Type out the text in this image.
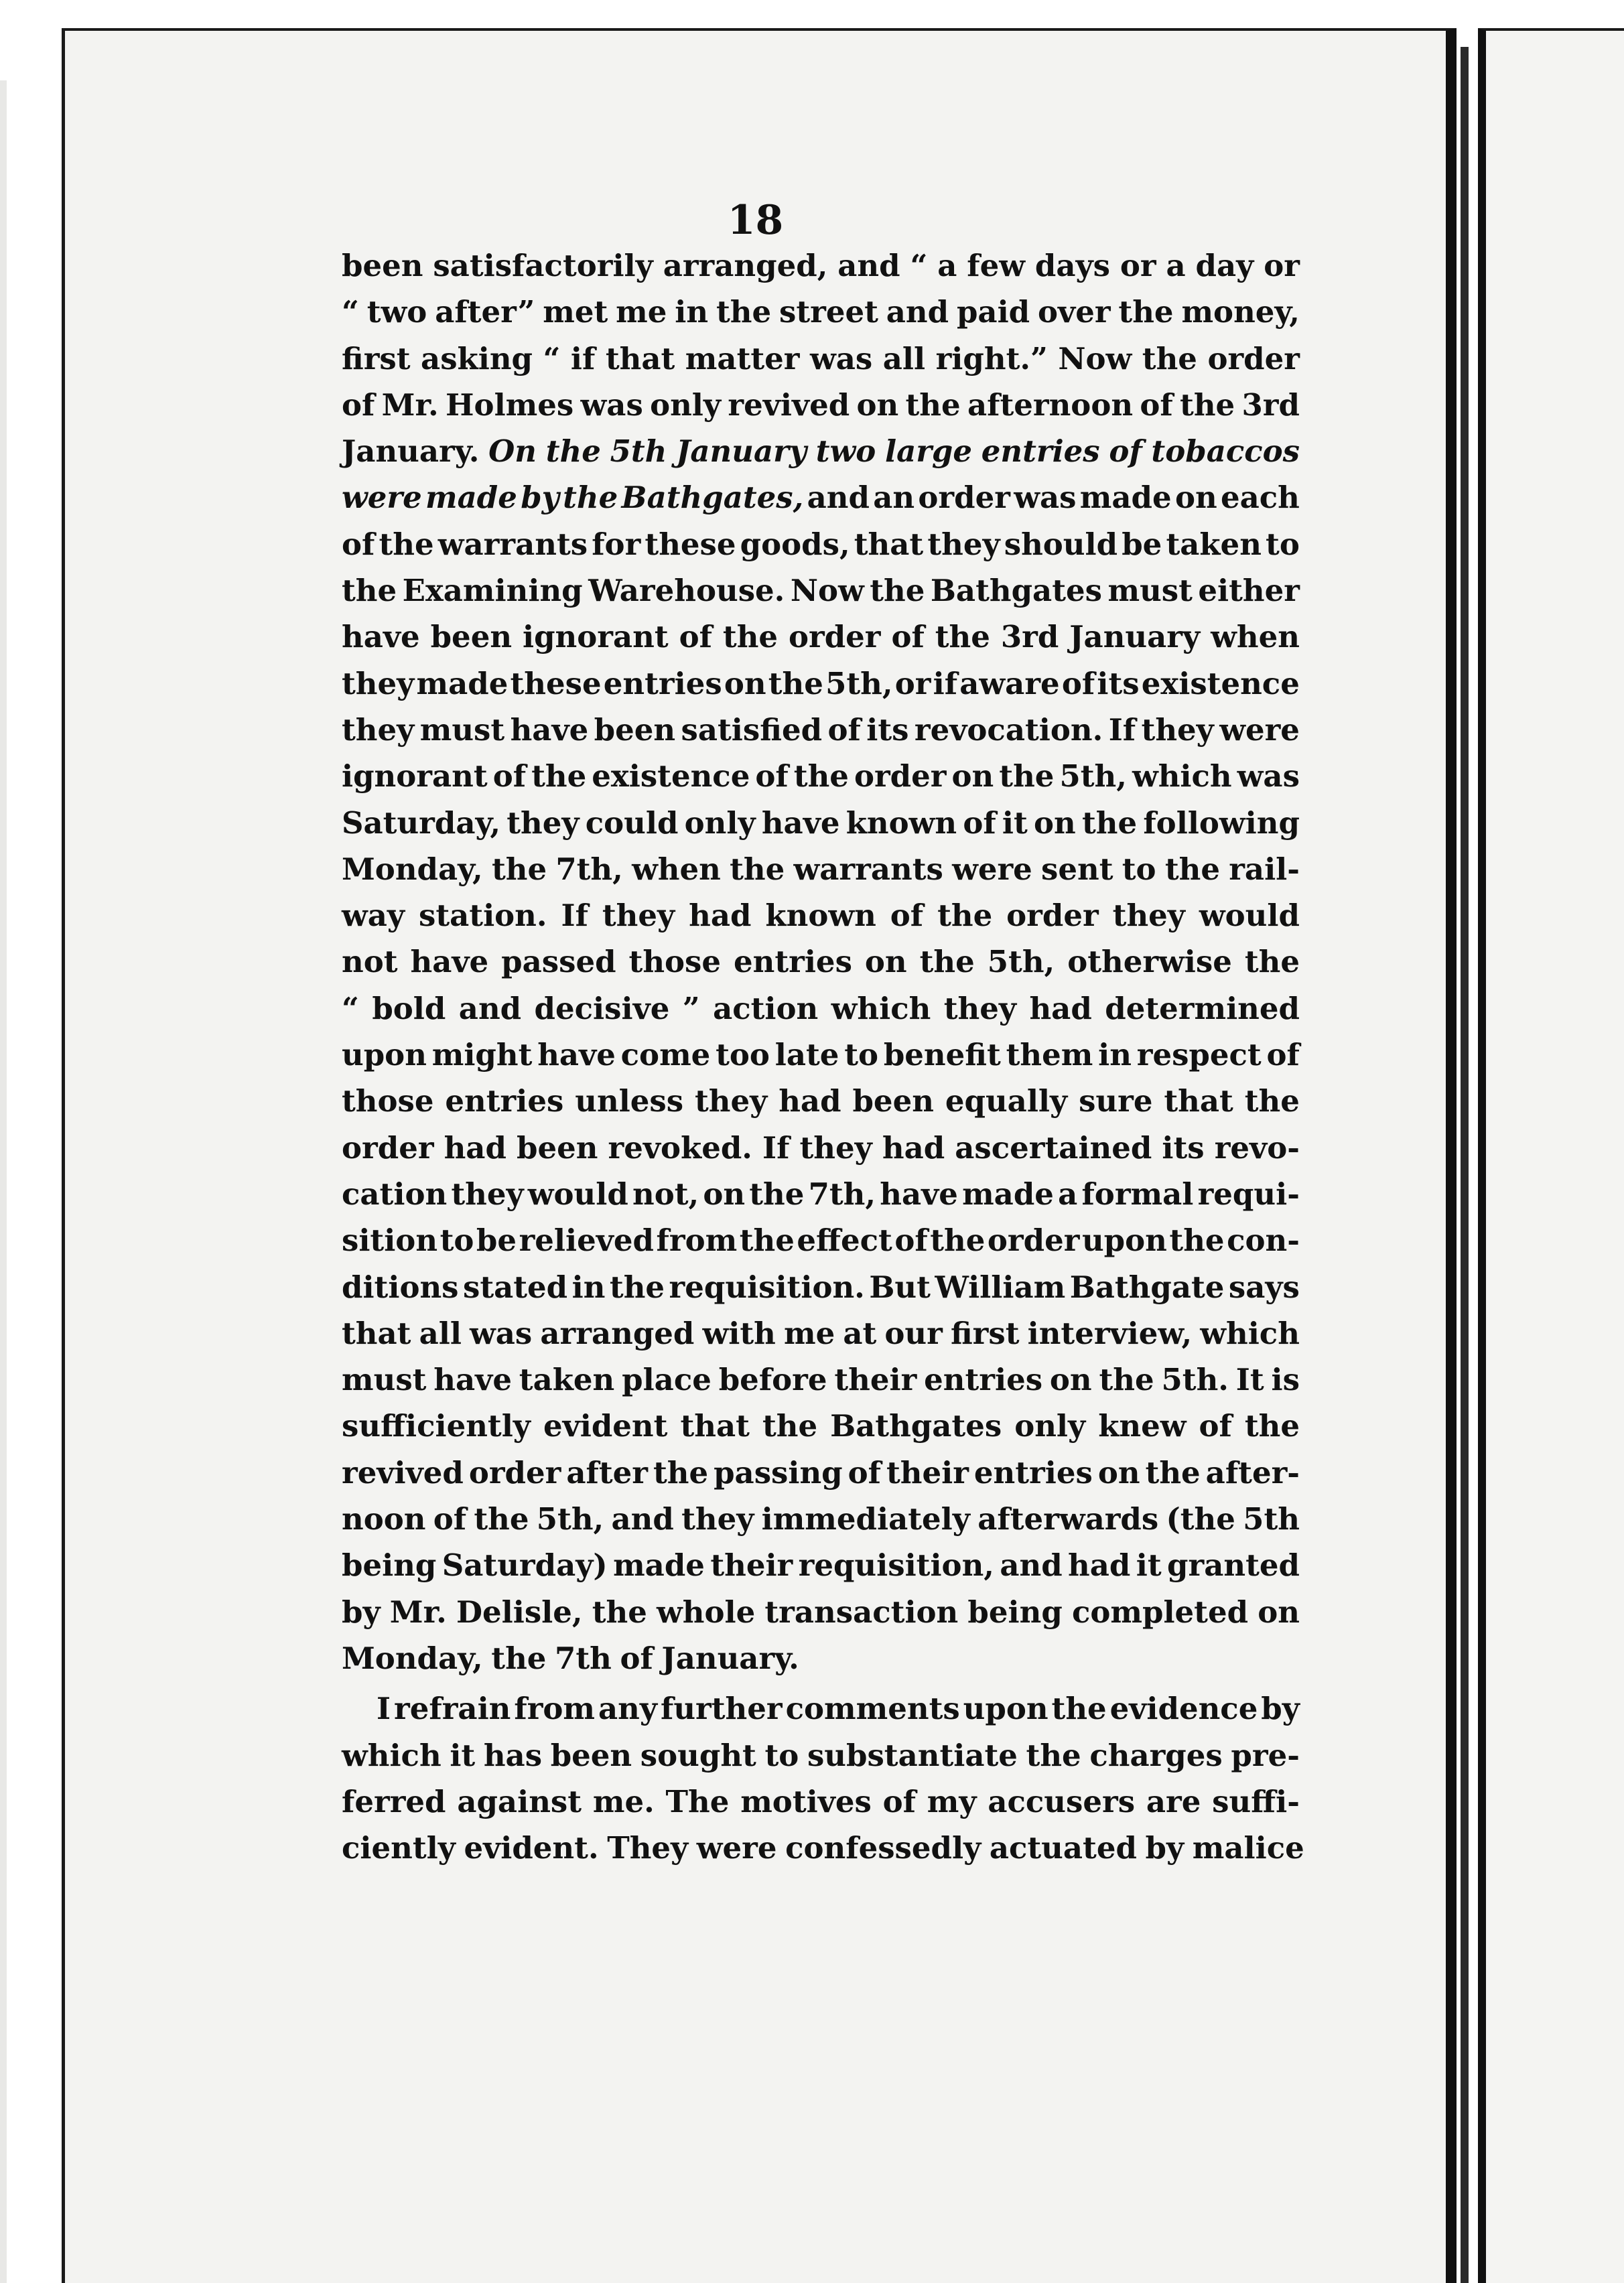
18
been satisfactorily arranged, and “ a few days or a day or
“ two after” met me in the street and paid over the money,
first asking “ if that matter was all right.” Now the order
of Mr. Holmes was only revived on the afternoon of the 3rd
January. On the 5th January two large entries of tobaccos
were made by the Bathgates, and an order was made on each
of the warrants for these goods, that they should be taken to
the Examining Warehouse. Now the Bathgates must either
have been ignorant of the order of the 3rd January when
they made these entries on the 5th, or if aware of its existence
they must have been satisfied of its revocation. If they were
ignorant of the existence of the order on the 5th, which was
Saturday, they could only have known of it on the following
Monday, the 7th, when the warrants were sent to the rail-
way station. If they had known of the order they would
not have passed those entries on the 5th, otherwise the
“ bold and decisive ” action which they had determined
upon might have come too late to benefit them in respect of
those entries unless they had been equally sure that the
order had been revoked. If they had ascertained its revo-
cation they would not, on the 7th, have made a formal requi-
sition to be relieved from the effect of the order upon the con-
ditions stated in the requisition. But William Bathgate says
that all was arranged with me at our first interview, which
must have taken place before their entries on the 5th. It is
sufficiently evident that the Bathgates only knew of the
revived order after the passing of their entries on the after-
noon of the 5th, and they immediately afterwards (the 5th
being Saturday) made their requisition, and had it granted
by Mr. Delisle, the whole transaction being completed on
Monday, the 7th of January.
I refrain from any further comments upon the evidence by
which it has been sought to substantiate the charges pre-
ferred against me. The motives of my accusers are suffi-
ciently evident. They were confessedly actuated by malice
